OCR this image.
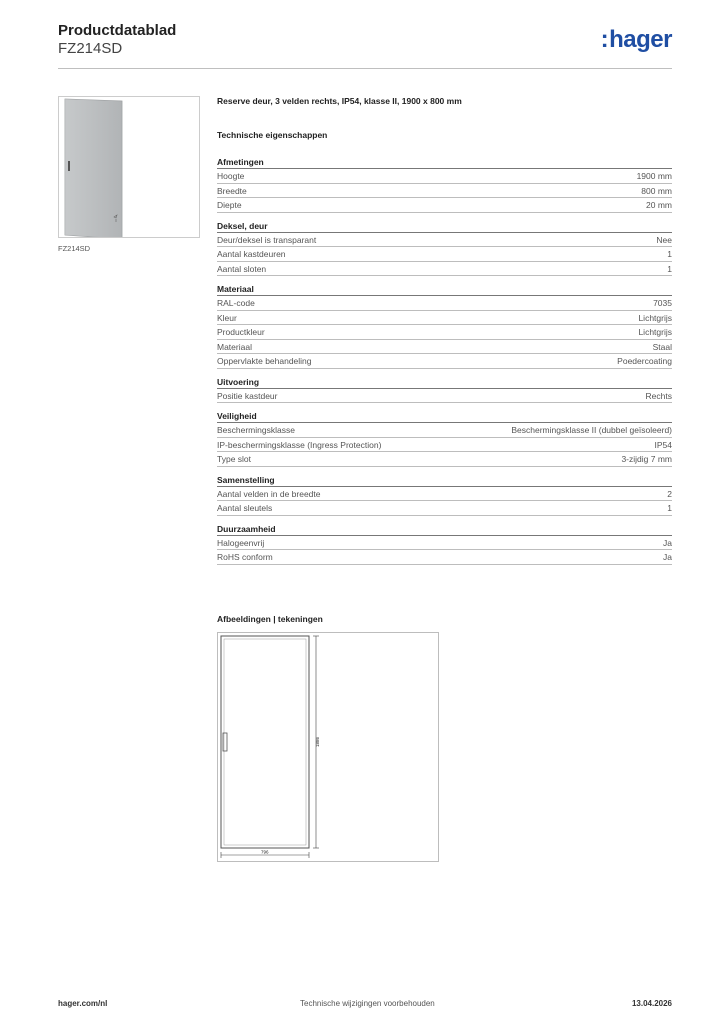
Productdatablad
FZ214SD	:hager
FZ214SD
Reserve deur, 3 velden rechts, IP54, klasse II, 1900 x 800 mm
Technische eigenschappen
Afmetingen
Hoogte	1900 mm
Breedte	800 mm
Diepte	20 mm
Deksel, deur
Deur/deksel is transparant	Nee
Aantal kastdeuren	1
Aantal sloten	1
Materiaal
RAL-code	7035
Kleur	Lichtgrijs
Productkleur	Lichtgrijs
Materiaal	Staal
Oppervlakte behandeling	Poedercoating
Uitvoering
Positie kastdeur	Rechts
Veiligheid
Beschermingsklasse	Beschermingsklasse II (dubbel geïsoleerd)
IP-beschermingsklasse (Ingress Protection)	IP54
Type slot	3-zijdig 7 mm
Samenstelling
Aantal velden in de breedte	2
Aantal sleutels	1
Duurzaamheid
Halogeenvrij	Ja
RoHS conform	Ja
Afbeeldingen | tekeningen
1886
796
hager.com/nl	Technische wijzigingen voorbehouden	13.04.2026
